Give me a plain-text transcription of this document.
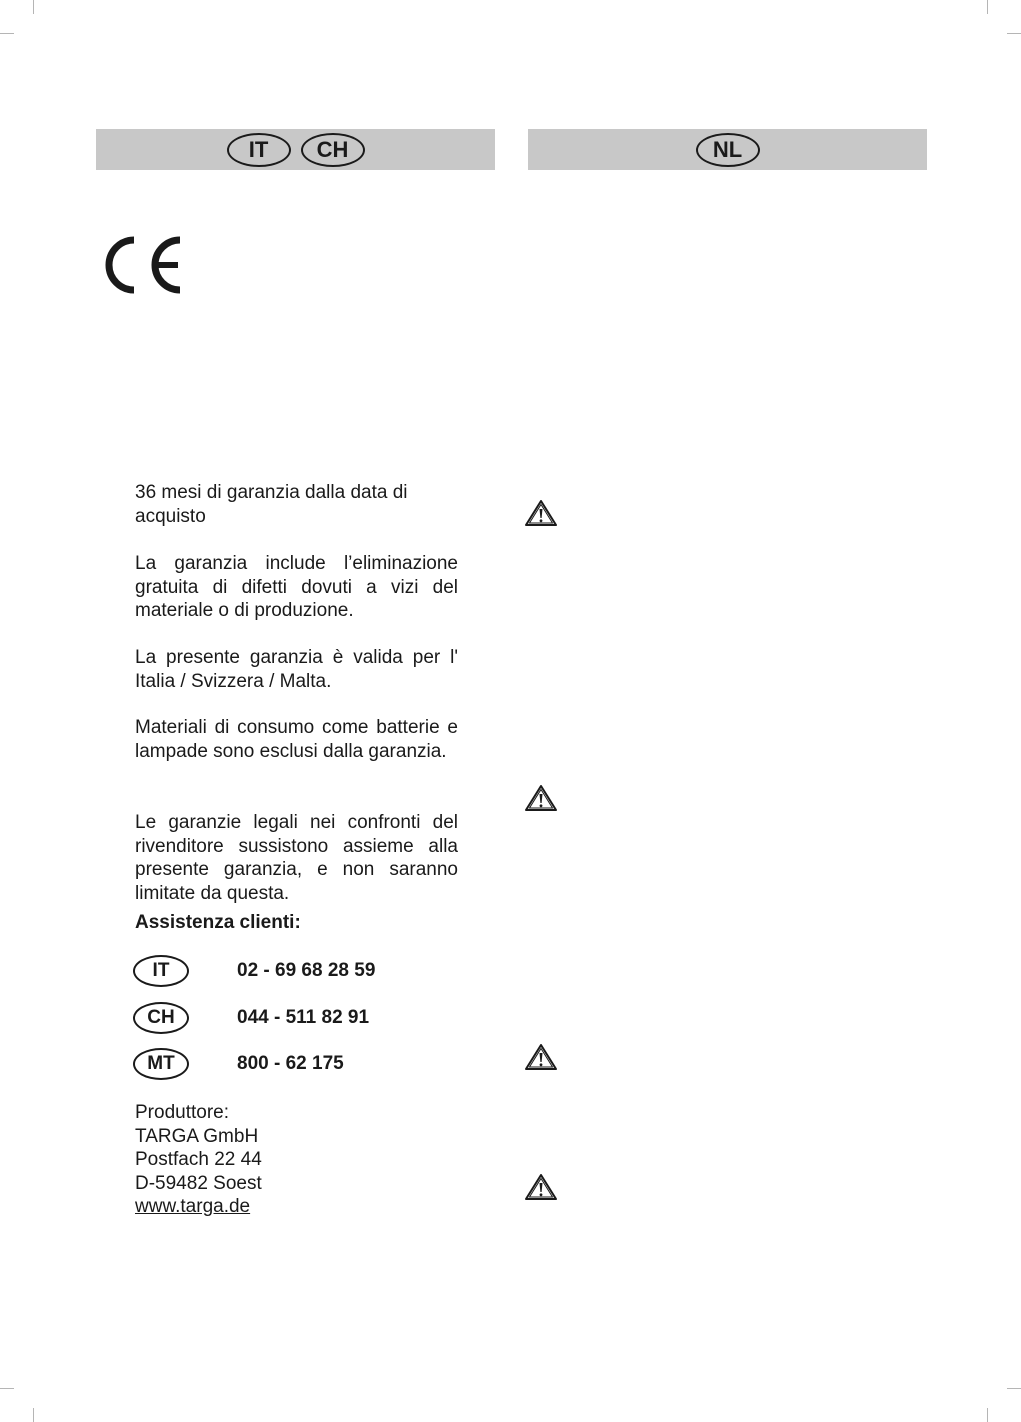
IT	CH	NL

36 mesi di garanzia dalla data di acquisto

La garanzia include l’eliminazione gratuita di difetti dovuti a vizi del materiale o di produzione.

La presente garanzia è valida per l' Italia / Svizzera / Malta.

Materiali di consumo come batterie e lampade sono esclusi dalla garanzia.

Le garanzie legali nei confronti del rivenditore sussistono assieme alla presente garanzia, e non saranno limitate da questa.

Assistenza clienti:

IT	02 - 69 68 28 59
CH	044 - 511 82 91
MT	800 - 62 175
Produttore:
TARGA GmbH
Postfach 22 44
D-59482 Soest
www.targa.de
